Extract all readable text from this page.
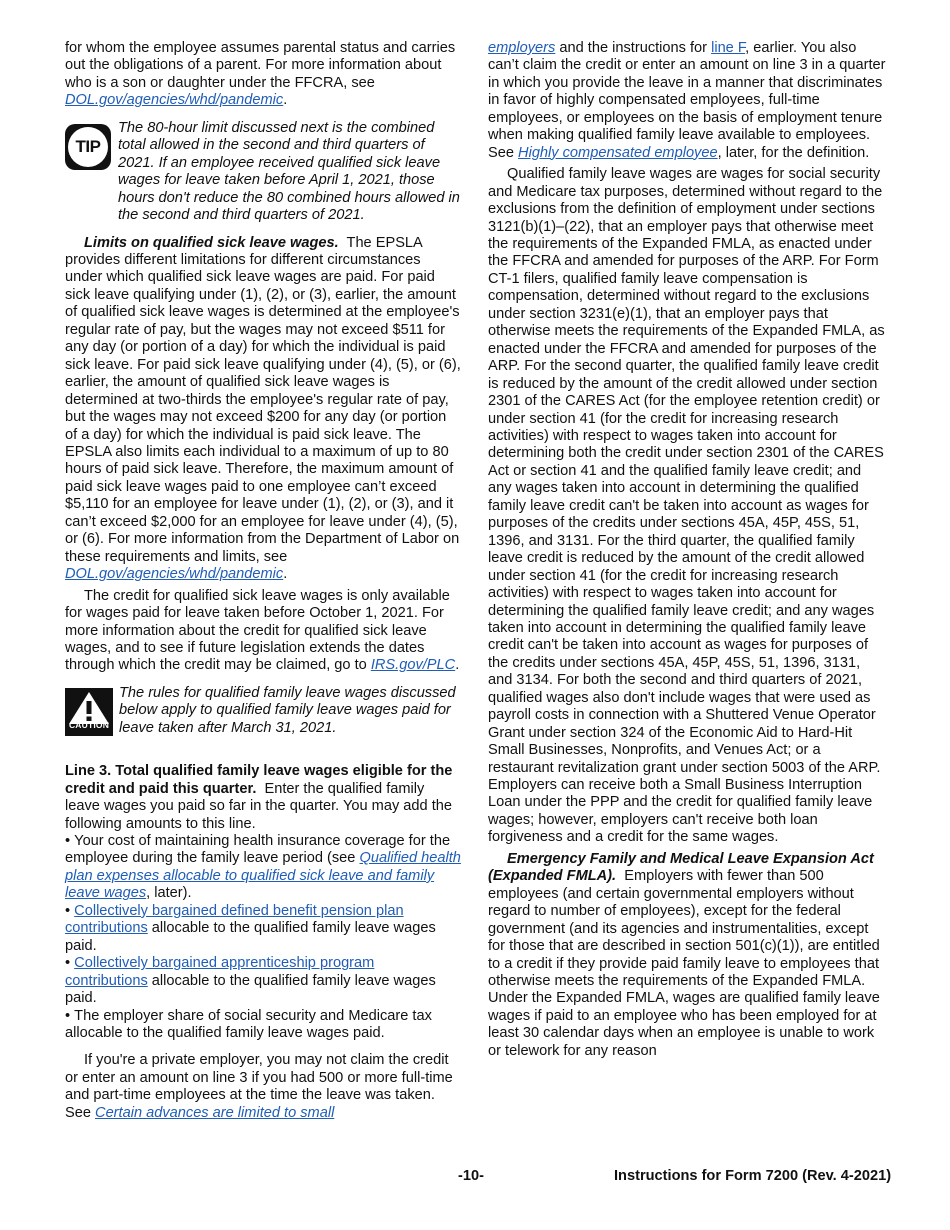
for whom the employee assumes parental status and carries out the obligations of a parent. For more information about who is a son or daughter under the FFCRA, see DOL.gov/agencies/whd/pandemic.

TIP

The 80-hour limit discussed next is the combined total allowed in the second and third quarters of 2021. If an employee received qualified sick leave wages for leave taken before April 1, 2021, those hours don't reduce the 80 combined hours allowed in the second and third quarters of 2021.

Limits on qualified sick leave wages. The EPSLA provides different limitations for different circumstances under which qualified sick leave wages are paid. For paid sick leave qualifying under (1), (2), or (3), earlier, the amount of qualified sick leave wages is determined at the employee's regular rate of pay, but the wages may not exceed $511 for any day (or portion of a day) for which the individual is paid sick leave. For paid sick leave qualifying under (4), (5), or (6), earlier, the amount of qualified sick leave wages is determined at two-thirds the employee's regular rate of pay, but the wages may not exceed $200 for any day (or portion of a day) for which the individual is paid sick leave. The EPSLA also limits each individual to a maximum of up to 80 hours of paid sick leave. Therefore, the maximum amount of paid sick leave wages paid to one employee can’t exceed $5,110 for an employee for leave under (1), (2), or (3), and it can’t exceed $2,000 for an employee for leave under (4), (5), or (6). For more information from the Department of Labor on these requirements and limits, see DOL.gov/agencies/whd/pandemic.

The credit for qualified sick leave wages is only available for wages paid for leave taken before October 1, 2021. For more information about the credit for qualified sick leave wages, and to see if future legislation extends the dates through which the credit may be claimed, go to IRS.gov/PLC.

CAUTION

The rules for qualified family leave wages discussed below apply to qualified family leave wages paid for leave taken after March 31, 2021.

Line 3. Total qualified family leave wages eligible for the credit and paid this quarter. Enter the qualified family leave wages you paid so far in the quarter. You may add the following amounts to this line.

• Your cost of maintaining health insurance coverage for the employee during the family leave period (see Qualified health plan expenses allocable to qualified sick leave and family leave wages, later).

• Collectively bargained defined benefit pension plan contributions allocable to the qualified family leave wages paid.

• Collectively bargained apprenticeship program contributions allocable to the qualified family leave wages paid.

• The employer share of social security and Medicare tax allocable to the qualified family leave wages paid.

If you're a private employer, you may not claim the credit or enter an amount on line 3 if you had 500 or more full-time and part-time employees at the time the leave was taken. See Certain advances are limited to small

employers and the instructions for line F, earlier. You also can’t claim the credit or enter an amount on line 3 in a quarter in which you provide the leave in a manner that discriminates in favor of highly compensated employees, full-time employees, or employees on the basis of employment tenure when making qualified family leave available to employees. See Highly compensated employee, later, for the definition.

Qualified family leave wages are wages for social security and Medicare tax purposes, determined without regard to the exclusions from the definition of employment under sections 3121(b)(1)–(22), that an employer pays that otherwise meet the requirements of the Expanded FMLA, as enacted under the FFCRA and amended for purposes of the ARP. For Form CT-1 filers, qualified family leave compensation is compensation, determined without regard to the exclusions under section 3231(e)(1), that an employer pays that otherwise meets the requirements of the Expanded FMLA, as enacted under the FFCRA and amended for purposes of the ARP. For the second quarter, the qualified family leave credit is reduced by the amount of the credit allowed under section 2301 of the CARES Act (for the employee retention credit) or under section 41 (for the credit for increasing research activities) with respect to wages taken into account for determining both the credit under section 2301 of the CARES Act or section 41 and the qualified family leave credit; and any wages taken into account in determining the qualified family leave credit can't be taken into account as wages for purposes of the credits under sections 45A, 45P, 45S, 51, 1396, and 3131. For the third quarter, the qualified family leave credit is reduced by the amount of the credit allowed under section 41 (for the credit for increasing research activities) with respect to wages taken into account for determining the qualified family leave credit; and any wages taken into account in determining the qualified family leave credit can't be taken into account as wages for purposes of the credits under sections 45A, 45P, 45S, 51, 1396, 3131, and 3134. For both the second and third quarters of 2021, qualified wages also don't include wages that were used as payroll costs in connection with a Shuttered Venue Operator Grant under section 324 of the Economic Aid to Hard-Hit Small Businesses, Nonprofits, and Venues Act; or a restaurant revitalization grant under section 5003 of the ARP. Employers can receive both a Small Business Interruption Loan under the PPP and the credit for qualified family leave wages; however, employers can't receive both loan forgiveness and a credit for the same wages.

Emergency Family and Medical Leave Expansion Act (Expanded FMLA). Employers with fewer than 500 employees (and certain governmental employers without regard to number of employees), except for the federal government (and its agencies and instrumentalities, except for those that are described in section 501(c)(1)), are entitled to a credit if they provide paid family leave to employees that otherwise meets the requirements of the Expanded FMLA. Under the Expanded FMLA, wages are qualified family leave wages if paid to an employee who has been employed for at least 30 calendar days when an employee is unable to work or telework for any reason

-10-	Instructions for Form 7200 (Rev. 4-2021)
